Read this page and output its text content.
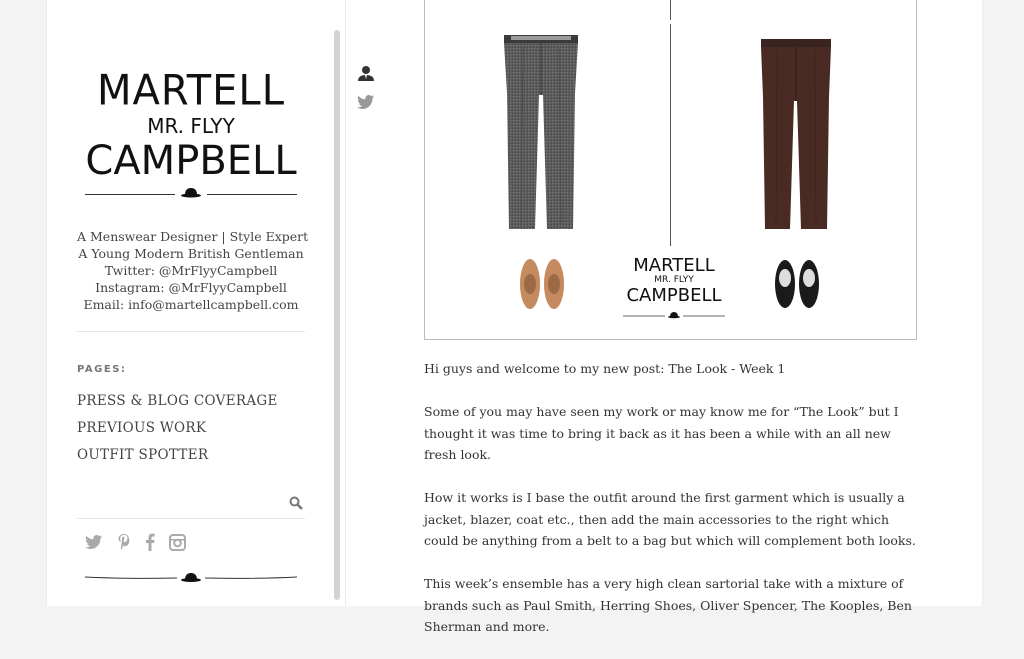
MARTELL
MR. FLYY
CAMPBELL
A Menswear Designer | Style Expert
A Young Modern British Gentleman
Twitter: @MrFlyyCampbell
Instagram: @MrFlyyCampbell
Email: info@martellcampbell.com
PAGES:
PRESS & BLOG COVERAGE
PREVIOUS WORK
OUTFIT SPOTTER
MARTELL
MR. FLYY
CAMPBELL

Hi guys and welcome to my new post: The Look - Week 1

Some of you may have seen my work or may know me for “The Look” but I thought it was time to bring it back as it has been a while with an all new fresh look.

How it works is I base the outfit around the first garment which is usually a jacket, blazer, coat etc., then add the main accessories to the right which could be anything from a belt to a bag but which will complement both looks.

This week’s ensemble has a very high clean sartorial take with a mixture of brands such as Paul Smith, Herring Shoes, Oliver Spencer, The Kooples, Ben Sherman and more.
